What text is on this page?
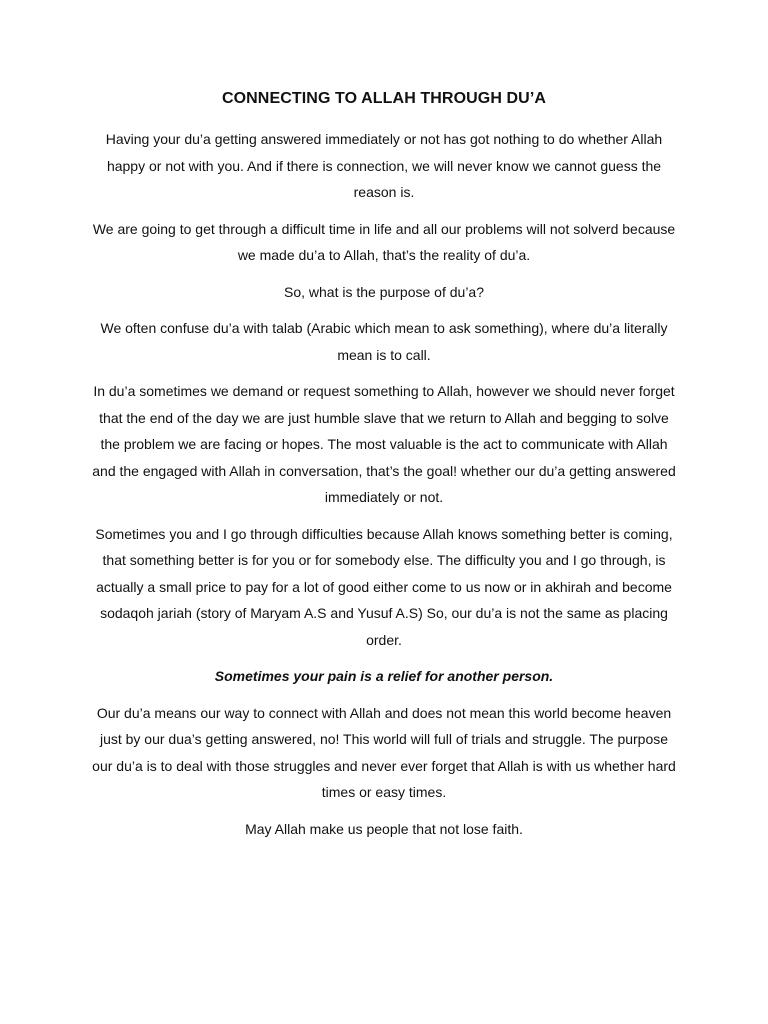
CONNECTING TO ALLAH THROUGH DU’A

Having your du’a getting answered immediately or not has got nothing to do whether Allah happy or not with you. And if there is connection, we will never know we cannot guess the reason is.

We are going to get through a difficult time in life and all our problems will not solverd because we made du’a to Allah, that’s the reality of du’a.

So, what is the purpose of du’a?

We often confuse du’a with talab (Arabic which mean to ask something), where du’a literally mean is to call.

In du’a sometimes we demand or request something to Allah, however we should never forget that the end of the day we are just humble slave that we return to Allah and begging to solve the problem we are facing or hopes. The most valuable is the act to communicate with Allah and the engaged with Allah in conversation, that’s the goal! whether our du’a getting answered immediately or not.

Sometimes you and I go through difficulties because Allah knows something better is coming, that something better is for you or for somebody else. The difficulty you and I go through, is actually a small price to pay for a lot of good either come to us now or in akhirah and become sodaqoh jariah (story of Maryam A.S and Yusuf A.S) So, our du’a is not the same as placing order.

Sometimes your pain is a relief for another person.

Our du’a means our way to connect with Allah and does not mean this world become heaven just by our dua’s getting answered, no! This world will full of trials and struggle. The purpose our du’a is to deal with those struggles and never ever forget that Allah is with us whether hard times or easy times.

May Allah make us people that not lose faith.
